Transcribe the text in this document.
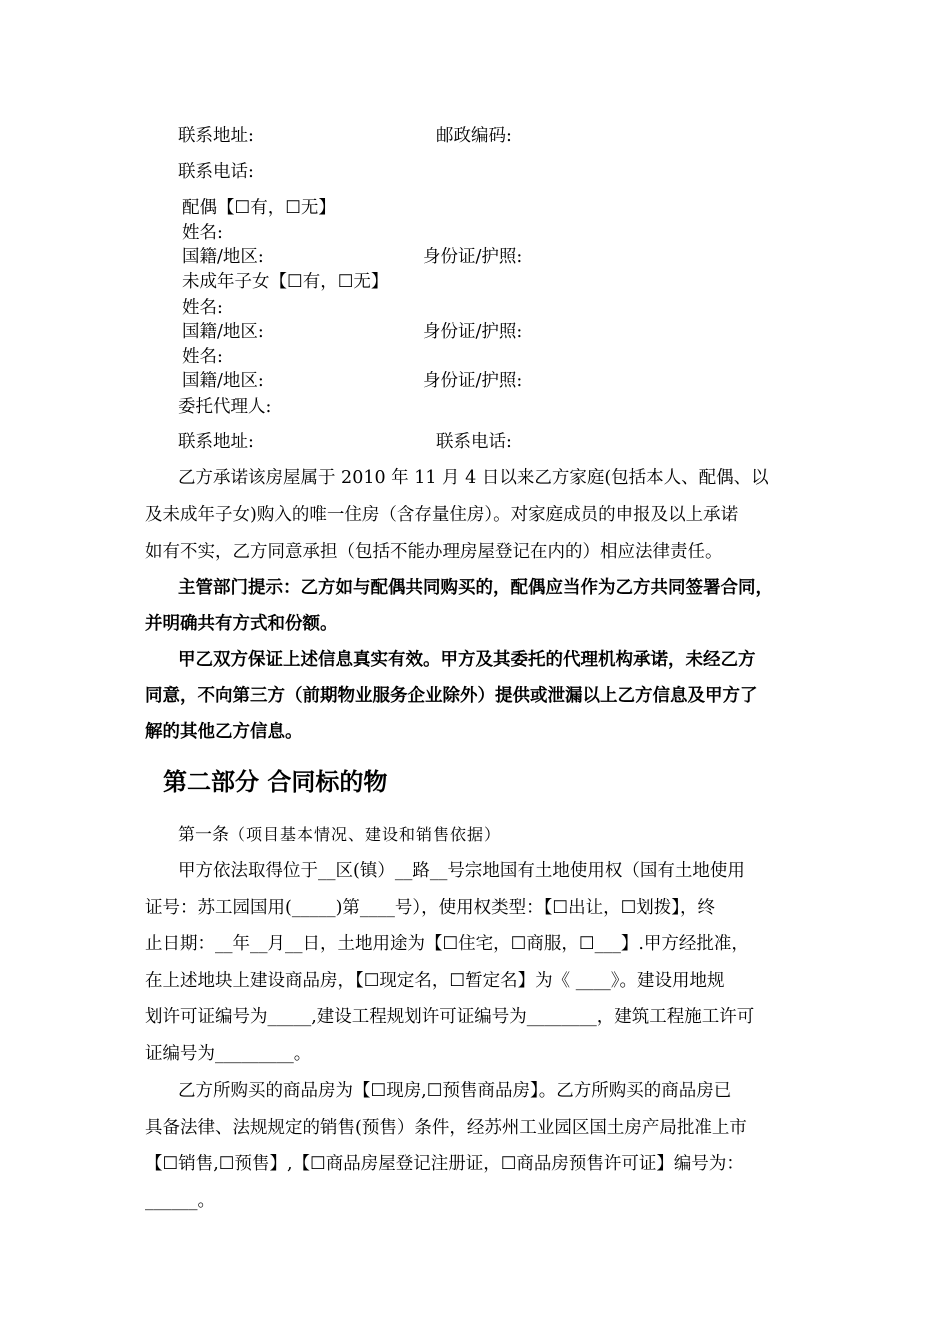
联系地址:	邮政编码:
联系电话:
配偶【☐有，☐无】
姓名:
国籍/地区:	身份证/护照:
未成年子女【☐有，☐无】
姓名:
国籍/地区:	身份证/护照:
姓名:
国籍/地区:	身份证/护照:
委托代理人:
联系地址:	联系电话:
乙方承诺该房屋属于 2010 年 11 月 4 日以来乙方家庭(包括本人、配偶、以
及未成年子女)购入的唯一住房（含存量住房）。对家庭成员的申报及以上承诺
如有不实，乙方同意承担（包括不能办理房屋登记在内的）相应法律责任。
主管部门提示：乙方如与配偶共同购买的，配偶应当作为乙方共同签署合同，
并明确共有方式和份额。
甲乙双方保证上述信息真实有效。甲方及其委托的代理机构承诺，未经乙方
同意，不向第三方（前期物业服务企业除外）提供或泄漏以上乙方信息及甲方了
解的其他乙方信息。
第二部分 合同标的物
第一条（项目基本情况、建设和销售依据）
甲方依法取得位于__区(镇）__路__号宗地国有土地使用权（国有土地使用
证号：苏工园国用(_____)第____号），使用权类型：【☐出让，☐划拨】，终
止日期：__年__月__日，土地用途为【☐住宅，☐商服，☐___】.甲方经批准，
在上述地块上建设商品房，【☐现定名，☐暂定名】为《 ____》。建设用地规
划许可证编号为_____,建设工程规划许可证编号为________，建筑工程施工许可
证编号为_________。
乙方所购买的商品房为【☐现房,☐预售商品房】。乙方所购买的商品房已
具备法律、法规规定的销售(预售）条件，经苏州工业园区国土房产局批准上市
【☐销售,☐预售】,【☐商品房屋登记注册证，☐商品房预售许可证】编号为：
______。
